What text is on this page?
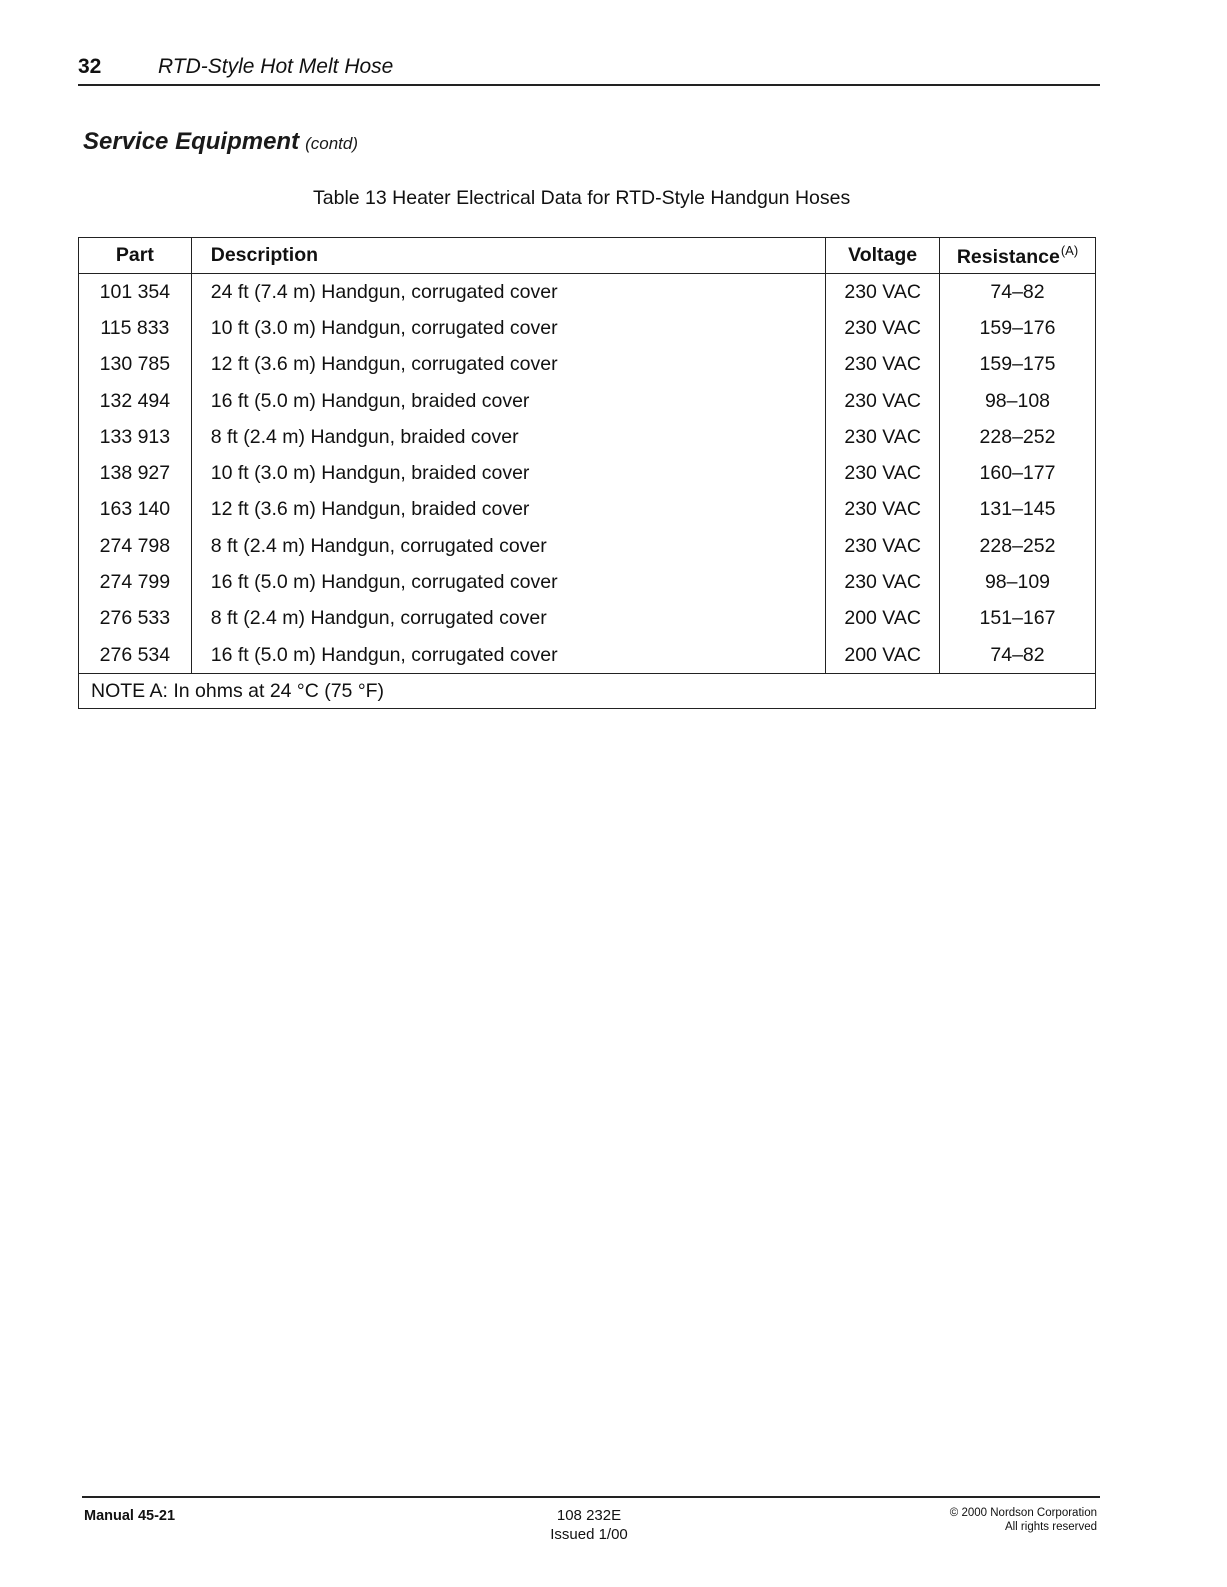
32	RTD-Style Hot Melt Hose
Service Equipment (contd)
Table 13 Heater Electrical Data for RTD-Style Handgun Hoses
Part	Description	Voltage	Resistance$^{(A)}$
101 354	24 ft (7.4 m) Handgun, corrugated cover	230 VAC	74–82
115 833	10 ft (3.0 m) Handgun, corrugated cover	230 VAC	159–176
130 785	12 ft (3.6 m) Handgun, corrugated cover	230 VAC	159–175
132 494	16 ft (5.0 m) Handgun, braided cover	230 VAC	98–108
133 913	8 ft (2.4 m) Handgun, braided cover	230 VAC	228–252
138 927	10 ft (3.0 m) Handgun, braided cover	230 VAC	160–177
163 140	12 ft (3.6 m) Handgun, braided cover	230 VAC	131–145
274 798	8 ft (2.4 m) Handgun, corrugated cover	230 VAC	228–252
274 799	16 ft (5.0 m) Handgun, corrugated cover	230 VAC	98–109
276 533	8 ft (2.4 m) Handgun, corrugated cover	200 VAC	151–167
276 534	16 ft (5.0 m) Handgun, corrugated cover	200 VAC	74–82
NOTE A: In ohms at 24 °C (75 °F)			
Manual 45-21	108 232E
Issued 1/00
© 2000 Nordson Corporation
All rights reserved
